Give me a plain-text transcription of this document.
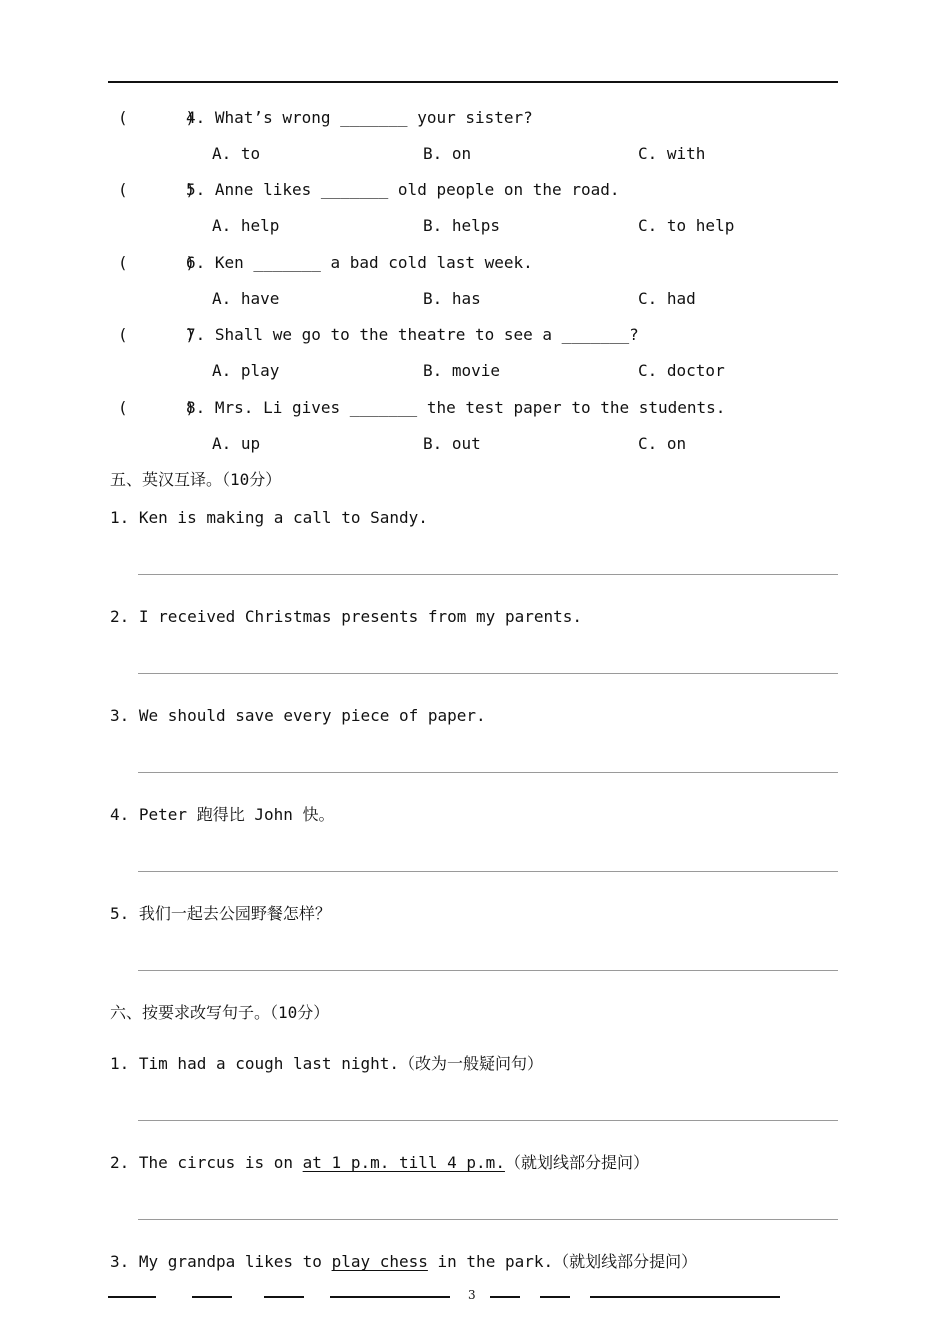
(      )
4. What’s wrong _______ your sister?
A. to	B. on	C. with
(      )
5. Anne likes _______ old people on the road.
A. help	B. helps	C. to help
(      )
6. Ken _______ a bad cold last week.
A. have	B. has	C. had
(      )
7. Shall we go to the theatre to see a _______?
A. play	B. movie	C. doctor
(      )
8. Mrs. Li gives _______ the test paper to the students.
A. up	B. out	C. on
五、英汉互译。（10分）
1. Ken is making a call to Sandy.
2. I received Christmas presents from my parents.
3. We should save every piece of paper.
4. Peter 跑得比 John 快。
5. 我们一起去公园野餐怎样？
六、按要求改写句子。（10分）
1. Tim had a cough last night.（改为一般疑问句）
2. The circus is on at 1 p.m. till 4 p.m.（就划线部分提问）
3. My grandpa likes to play chess in the park.（就划线部分提问）
3
